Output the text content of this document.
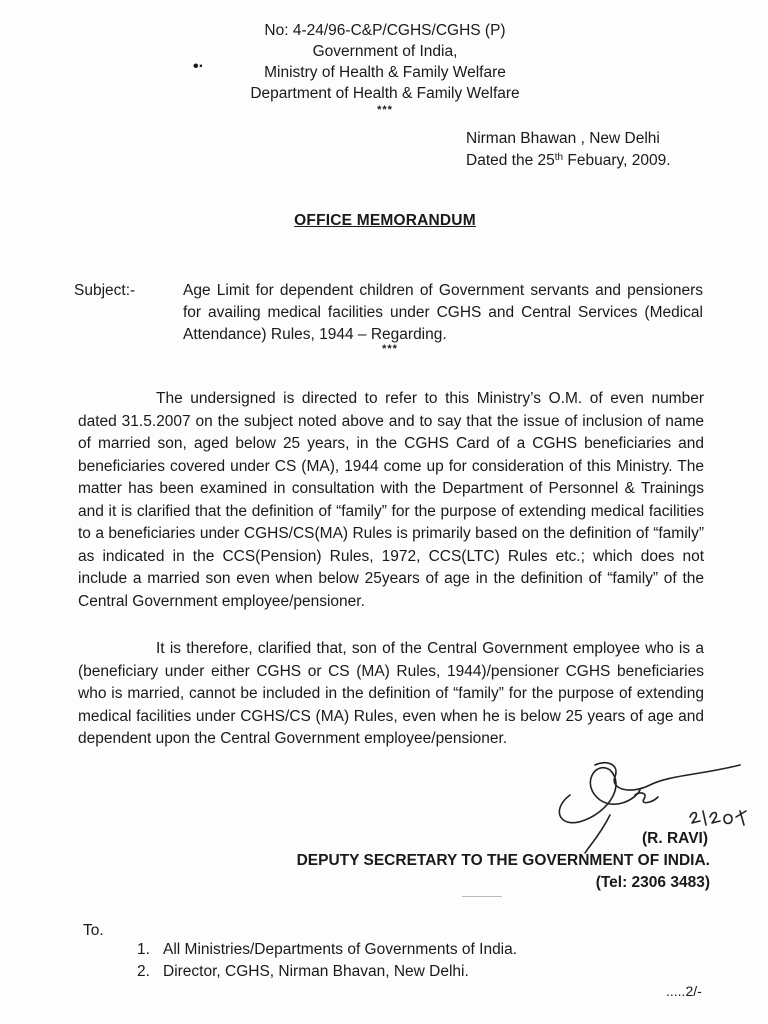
No: 4-24/96-C&P/CGHS/CGHS (P)
Government of India,
Ministry of Health & Family Welfare
Department of Health & Family Welfare
***
•·
Nirman Bhawan , New Delhi
Dated the 25th Febuary, 2009.
OFFICE MEMORANDUM
Subject:-	Age Limit for dependent children of Government servants and pensioners for availing medical facilities under CGHS and Central Services (Medical Attendance) Rules, 1944 – Regarding.
***
The undersigned is directed to refer to this Ministry’s O.M. of even number dated 31.5.2007 on the subject noted above and to say that the issue of inclusion of name of married son, aged below 25 years, in the CGHS Card of a CGHS beneficiaries and beneficiaries covered under CS (MA), 1944 come up for consideration of this Ministry. The matter has been examined in consultation with the Department of Personnel & Trainings and it is clarified that the definition of “family” for the purpose of extending medical facilities to a beneficiaries under CGHS/CS(MA) Rules is primarily based on the definition of “family” as indicated in the CCS(Pension) Rules, 1972, CCS(LTC) Rules etc.; which does not include a married son even when below 25years of age in the definition of “family” of the Central Government employee/pensioner.
It is therefore, clarified that, son of the Central Government employee who is a (beneficiary under either CGHS or CS (MA) Rules, 1944)/pensioner CGHS beneficiaries who is married, cannot be included in the definition of “family” for the purpose of extending medical facilities under CGHS/CS (MA) Rules, even when he is below 25 years of age and dependent upon the Central Government employee/pensioner.
(R. RAVI)
DEPUTY SECRETARY TO THE GOVERNMENT OF INDIA.
(Tel: 2306 3483)
To.
1. All Ministries/Departments of Governments of India.
2. Director, CGHS, Nirman Bhavan, New Delhi.
.....2/-
